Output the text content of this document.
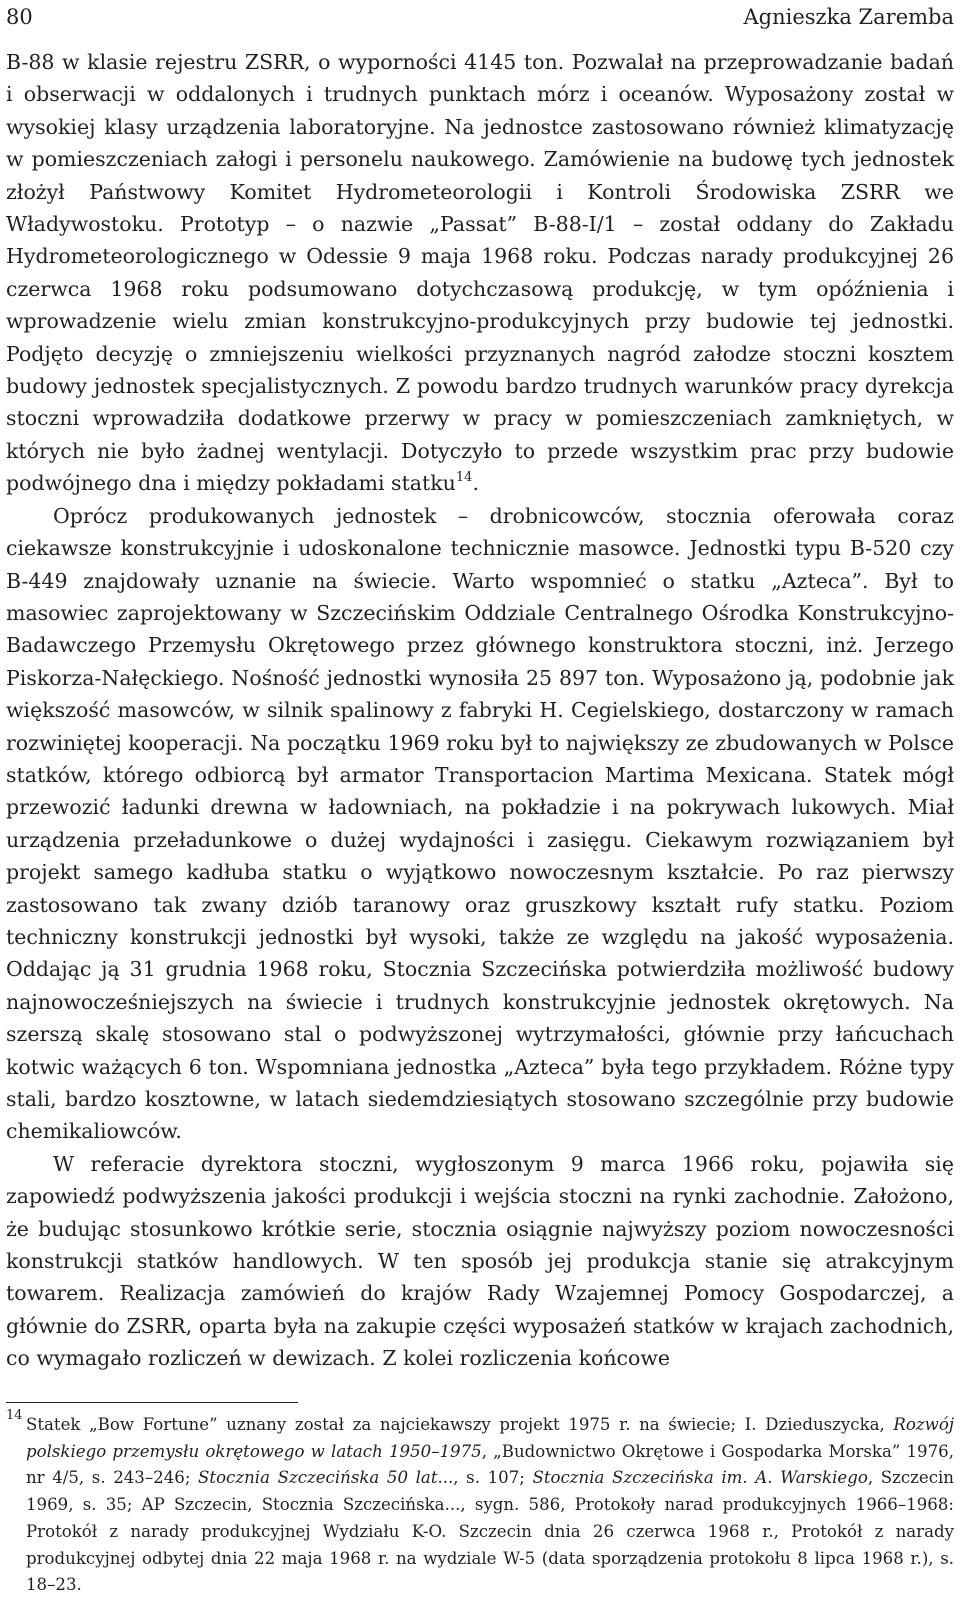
80	Agnieszka Zaremba

B-88 w klasie rejestru ZSRR, o wyporności 4145 ton. Pozwalał na przeprowadzanie badań i obserwacji w oddalonych i trudnych punktach mórz i oceanów. Wyposażony został w wysokiej klasy urządzenia laboratoryjne. Na jednostce zastosowano również klimatyzację w pomieszczeniach załogi i personelu naukowego. Zamówienie na budowę tych jednostek złożył Państwowy Komitet Hydrometeorologii i Kontroli Środowiska ZSRR we Władywostoku. Prototyp – o nazwie „Passat” B-88-I/1 – został oddany do Zakładu Hydrometeorologicznego w Odessie 9 maja 1968 roku. Podczas narady produkcyjnej 26 czerwca 1968 roku podsumowano dotychczasową produkcję, w tym opóźnienia i wprowadzenie wielu zmian konstrukcyjno-produkcyjnych przy budowie tej jednostki. Podjęto decyzję o zmniejszeniu wielkości przyznanych nagród załodze stoczni kosztem budowy jednostek specjalistycznych. Z powodu bardzo trudnych warunków pracy dyrekcja stoczni wprowadziła dodatkowe przerwy w pracy w pomieszczeniach zamkniętych, w których nie było żadnej wentylacji. Dotyczyło to przede wszystkim prac przy budowie podwójnego dna i między pokładami statku$^{14}$.

Oprócz produkowanych jednostek – drobnicowców, stocznia oferowała coraz ciekawsze konstrukcyjnie i udoskonalone technicznie masowce. Jednostki typu B-520 czy B-449 znajdowały uznanie na świecie. Warto wspomnieć o statku „Azteca”. Był to masowiec zaprojektowany w Szczecińskim Oddziale Centralnego Ośrodka Konstrukcyjno-Badawczego Przemysłu Okrętowego przez głównego konstruktora stoczni, inż. Jerzego Piskorza-Nałęckiego. Nośność jednostki wynosiła 25 897 ton. Wyposażono ją, podobnie jak większość masowców, w silnik spalinowy z fabryki H. Cegielskiego, dostarczony w ramach rozwiniętej kooperacji. Na początku 1969 roku był to największy ze zbudowanych w Polsce statków, którego odbiorcą był armator Transportacion Martima Mexicana. Statek mógł przewozić ładunki drewna w ładowniach, na pokładzie i na pokrywach lukowych. Miał urządzenia przeładunkowe o dużej wydajności i zasięgu. Ciekawym rozwiązaniem był projekt samego kadłuba statku o wyjątkowo nowoczesnym kształcie. Po raz pierwszy zastosowano tak zwany dziób taranowy oraz gruszkowy kształt rufy statku. Poziom techniczny konstrukcji jednostki był wysoki, także ze względu na jakość wyposażenia. Oddając ją 31 grudnia 1968 roku, Stocznia Szczecińska potwierdziła możliwość budowy najnowocześniejszych na świecie i trudnych konstrukcyjnie jednostek okrętowych. Na szerszą skalę stosowano stal o podwyższonej wytrzymałości, głównie przy łańcuchach kotwic ważących 6 ton. Wspomniana jednostka „Azteca” była tego przykładem. Różne typy stali, bardzo kosztowne, w latach siedemdziesiątych stosowano szczególnie przy budowie chemikaliowców.

W referacie dyrektora stoczni, wygłoszonym 9 marca 1966 roku, pojawiła się zapowiedź podwyższenia jakości produkcji i wejścia stoczni na rynki zachodnie. Założono, że budując stosunkowo krótkie serie, stocznia osiągnie najwyższy poziom nowoczesności konstrukcji statków handlowych. W ten sposób jej produkcja stanie się atrakcyjnym towarem. Realizacja zamówień do krajów Rady Wzajemnej Pomocy Gospodarczej, a głównie do ZSRR, oparta była na zakupie części wyposażeń statków w krajach zachodnich, co wymagało rozliczeń w dewizach. Z kolei rozliczenia końcowe

14 Statek „Bow Fortune” uznany został za najciekawszy projekt 1975 r. na świecie; I. Dzieduszycka, Rozwój polskiego przemysłu okrętowego w latach 1950–1975, „Budownictwo Okrętowe i Gospodarka Morska” 1976, nr 4/5, s. 243–246; Stocznia Szczecińska 50 lat..., s. 107; Stocznia Szczecińska im. A. Warskiego, Szczecin 1969, s. 35; AP Szczecin, Stocznia Szczecińska..., sygn. 586, Protokoły narad produkcyjnych 1966–1968: Protokół z narady produkcyjnej Wydziału K-O. Szczecin dnia 26 czerwca 1968 r., Protokół z narady produkcyjnej odbytej dnia 22 maja 1968 r. na wydziale W-5 (data sporządzenia protokołu 8 lipca 1968 r.), s. 18–23.
